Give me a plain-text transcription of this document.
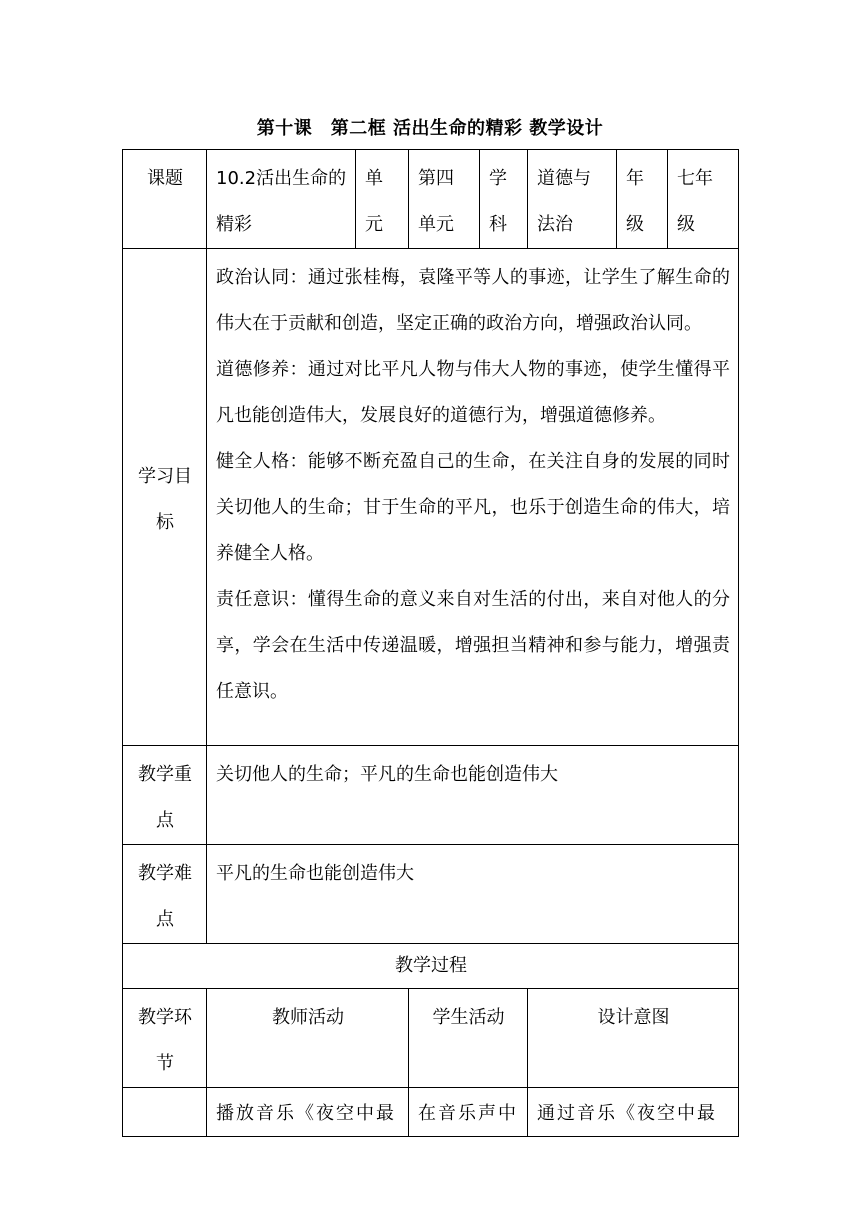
第十课　第二框 活出生命的精彩 教学设计
课题	10.2活出生命的精彩	单元	第四单元	学科	道德与法治	年级	七年级
学习目标	政治认同：通过张桂梅，袁隆平等人的事迹，让学生了解生命的伟大在于贡献和创造，坚定正确的政治方向，增强政治认同。
道德修养：通过对比平凡人物与伟大人物的事迹，使学生懂得平凡也能创造伟大，发展良好的道德行为，增强道德修养。
健全人格：能够不断充盈自己的生命，在关注自身的发展的同时关切他人的生命；甘于生命的平凡，也乐于创造生命的伟大，培养健全人格。
责任意识：懂得生命的意义来自对生活的付出，来自对他人的分享，学会在生活中传递温暖，增强担当精神和参与能力，增强责任意识。						

教学重点	关切他人的生命；平凡的生命也能创造伟大						
教学难点	平凡的生命也能创造伟大						
教学过程							
教学环节	教师活动		学生活动		设计意图		
	播放音乐《夜空中最		在音乐声中		通过音乐《夜空中最		
